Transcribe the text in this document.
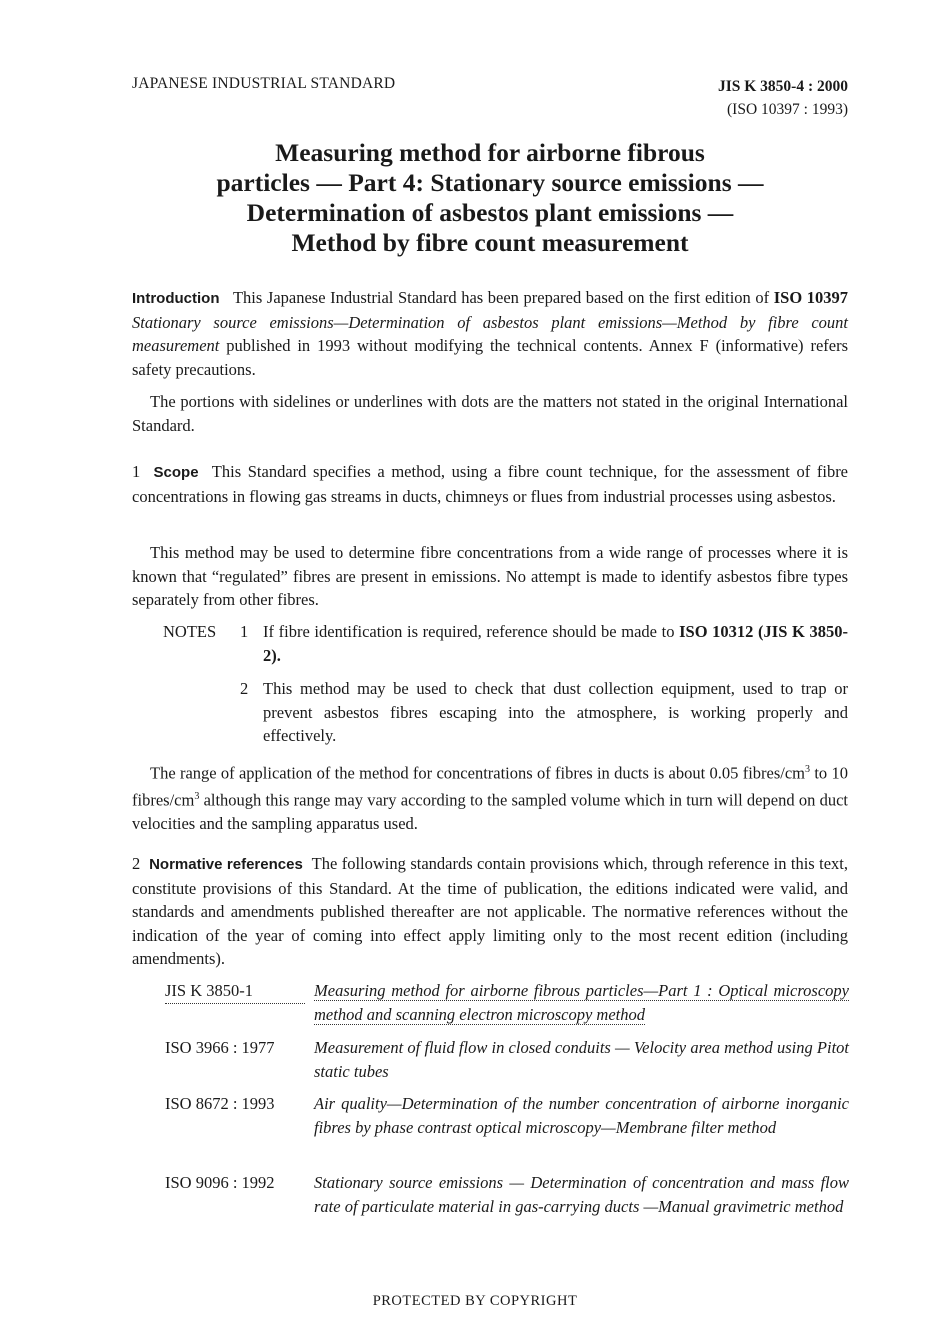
JAPANESE INDUSTRIAL STANDARD	JIS K 3850-4 : 2000
(ISO 10397 : 1993)
Measuring method for airborne fibrous
particles — Part 4: Stationary source emissions —
Determination of asbestos plant emissions —
Method by fibre count measurement
Introduction This Japanese Industrial Standard has been prepared based on the first edition of ISO 10397 Stationary source emissions—Determination of asbestos plant emissions—Method by fibre count measurement published in 1993 without modifying the technical contents. Annex F (informative) refers safety precautions.
The portions with sidelines or underlines with dots are the matters not stated in the original International Standard.
1 Scope This Standard specifies a method, using a fibre count technique, for the assessment of fibre concentrations in flowing gas streams in ducts, chimneys or flues from industrial processes using asbestos.
This method may be used to determine fibre concentrations from a wide range of processes where it is known that “regulated” fibres are present in emissions. No attempt is made to identify asbestos fibre types separately from other fibres.
NOTES 1 If fibre identification is required, reference should be made to ISO 10312 (JIS K 3850-2).
2 This method may be used to check that dust collection equipment, used to trap or prevent asbestos fibres escaping into the atmosphere, is working properly and effectively.
The range of application of the method for concentrations of fibres in ducts is about 0.05 fibres/$cm^3$ to 10 fibres/$cm^3$ although this range may vary according to the sampled volume which in turn will depend on duct velocities and the sampling apparatus used.
2 Normative references The following standards contain provisions which, through reference in this text, constitute provisions of this Standard. At the time of publication, the editions indicated were valid, and standards and amendments published thereafter are not applicable. The normative references without the indication of the year of coming into effect apply limiting only to the most recent edition (including amendments).
JIS K 3850-1	Measuring method for airborne fibrous particles—Part 1 : Optical microscopy method and scanning electron microscopy method
ISO 3966 : 1977 Measurement of fluid flow in closed conduits — Velocity area method using Pitot static tubes
ISO 8672 : 1993 Air quality—Determination of the number concentration of airborne inorganic fibres by phase contrast optical microscopy—Membrane filter method
ISO 9096 : 1992 Stationary source emissions — Determination of concentration and mass flow rate of particulate material in gas-carrying ducts —Manual gravimetric method
PROTECTED BY COPYRIGHT
